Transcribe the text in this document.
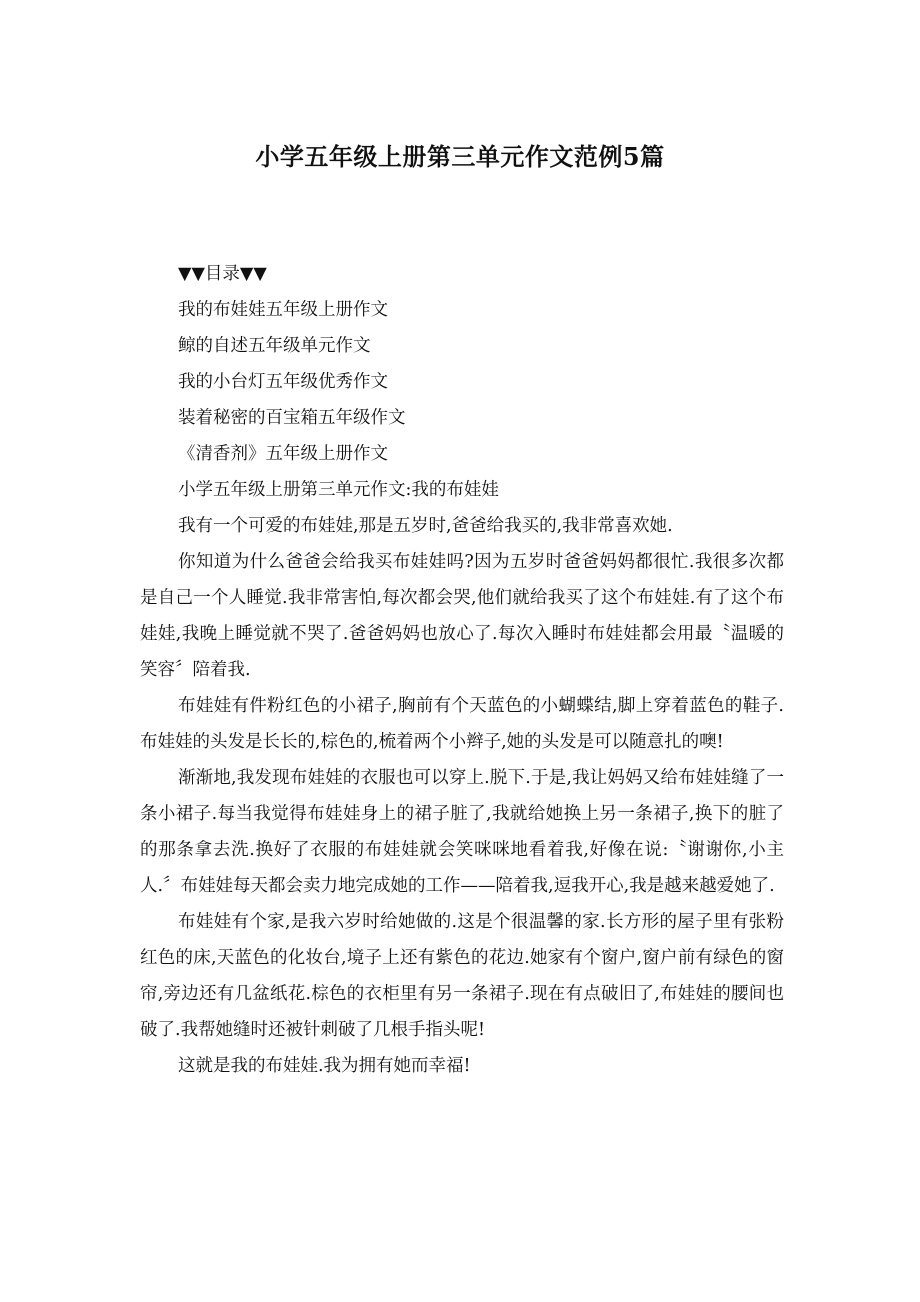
小学五年级上册第三单元作文范例5篇

▼▼目录▼▼

我的布娃娃五年级上册作文

鲸的自述五年级单元作文

我的小台灯五年级优秀作文

装着秘密的百宝箱五年级作文

《清香剂》五年级上册作文

小学五年级上册第三单元作文:我的布娃娃

我有一个可爱的布娃娃,那是五岁时,爸爸给我买的,我非常喜欢她.

你知道为什么爸爸会给我买布娃娃吗?因为五岁时爸爸妈妈都很忙.我很多次都是自己一个人睡觉.我非常害怕,每次都会哭,他们就给我买了这个布娃娃.有了这个布娃娃,我晚上睡觉就不哭了.爸爸妈妈也放心了.每次入睡时布娃娃都会用最〝温暖的笑容〞陪着我.

布娃娃有件粉红色的小裙子,胸前有个天蓝色的小蝴蝶结,脚上穿着蓝色的鞋子.布娃娃的头发是长长的,棕色的,梳着两个小辫子,她的头发是可以随意扎的噢!

渐渐地,我发现布娃娃的衣服也可以穿上.脱下.于是,我让妈妈又给布娃娃缝了一条小裙子.每当我觉得布娃娃身上的裙子脏了,我就给她换上另一条裙子,换下的脏了的那条拿去洗.换好了衣服的布娃娃就会笑咪咪地看着我,好像在说:〝谢谢你,小主人.〞布娃娃每天都会卖力地完成她的工作——陪着我,逗我开心,我是越来越爱她了.

布娃娃有个家,是我六岁时给她做的.这是个很温馨的家.长方形的屋子里有张粉红色的床,天蓝色的化妆台,境子上还有紫色的花边.她家有个窗户,窗户前有绿色的窗帘,旁边还有几盆纸花.棕色的衣柜里有另一条裙子.现在有点破旧了,布娃娃的腰间也破了.我帮她缝时还被针刺破了几根手指头呢!

这就是我的布娃娃.我为拥有她而幸福!
